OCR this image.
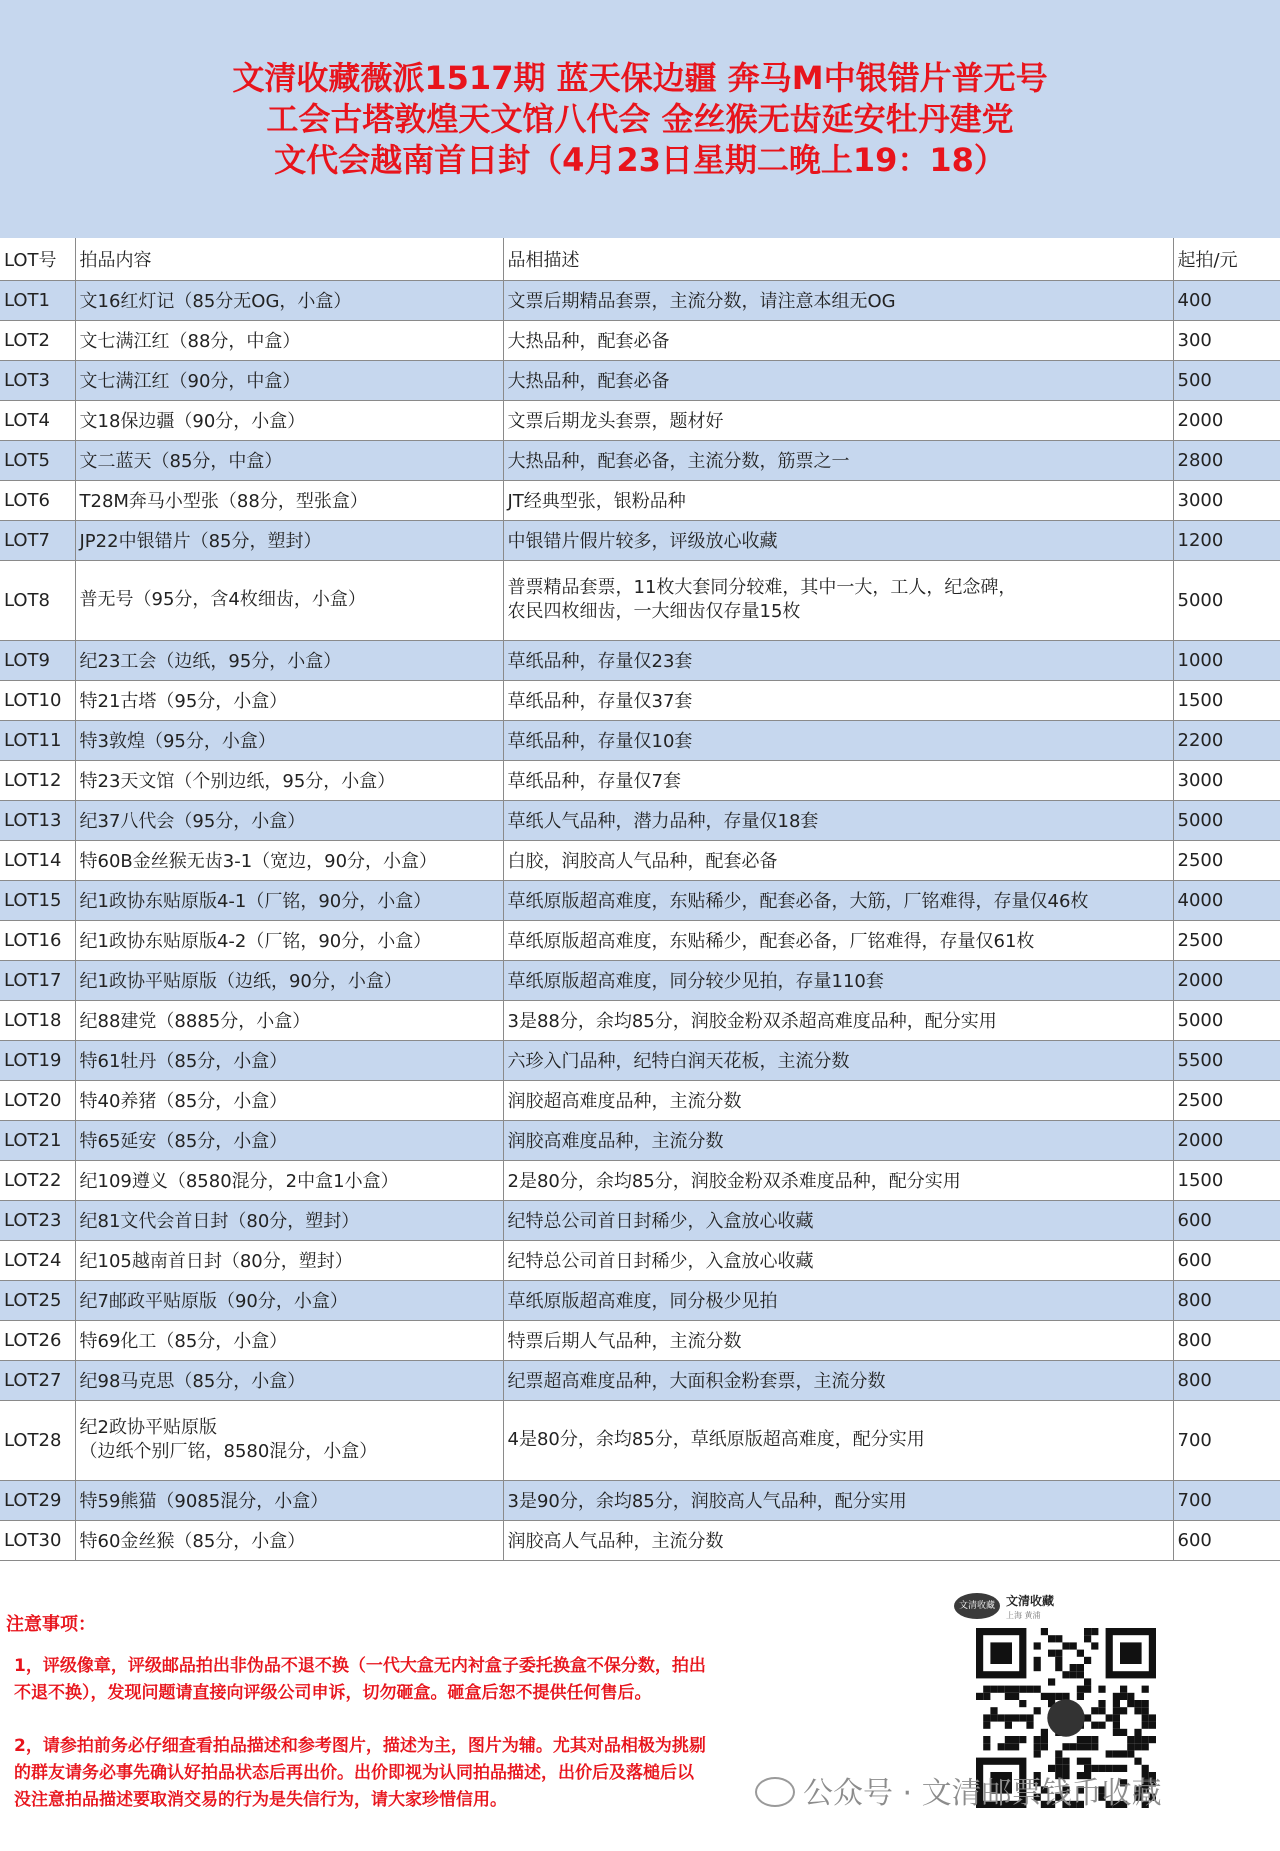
文清收藏薇派1517期 蓝天保边疆 奔马M中银错片普无号
工会古塔敦煌天文馆八代会 金丝猴无齿延安牡丹建党
文代会越南首日封（4月23日星期二晚上19：18）
LOT号	拍品内容	品相描述	起拍/元

LOT1	文16红灯记（85分无OG，小盒）	文票后期精品套票，主流分数，请注意本组无OG	400

LOT2	文七满江红（88分，中盒）	大热品种，配套必备	300

LOT3	文七满江红（90分，中盒）	大热品种，配套必备	500

LOT4	文18保边疆（90分，小盒）	文票后期龙头套票，题材好	2000

LOT5	文二蓝天（85分，中盒）	大热品种，配套必备，主流分数，筋票之一	2800

LOT6	T28M奔马小型张（88分，型张盒）	JT经典型张，银粉品种	3000

LOT7	JP22中银错片（85分，塑封）	中银错片假片较多，评级放心收藏	1200

LOT8	普无号（95分，含4枚细齿，小盒）	普票精品套票，11枚大套同分较难，其中一大，工人，纪念碑，
农民四枚细齿，一大细齿仅存量15枚	5000

LOT9	纪23工会（边纸，95分，小盒）	草纸品种，存量仅23套	1000

LOT10	特21古塔（95分，小盒）	草纸品种，存量仅37套	1500

LOT11	特3敦煌（95分，小盒）	草纸品种，存量仅10套	2200

LOT12	特23天文馆（个别边纸，95分，小盒）	草纸品种，存量仅7套	3000

LOT13	纪37八代会（95分，小盒）	草纸人气品种，潜力品种，存量仅18套	5000

LOT14	特60B金丝猴无齿3-1（宽边，90分，小盒）	白胶，润胶高人气品种，配套必备	2500

LOT15	纪1政协东贴原版4-1（厂铭，90分，小盒）	草纸原版超高难度，东贴稀少，配套必备，大筋，厂铭难得，存量仅46枚	4000

LOT16	纪1政协东贴原版4-2（厂铭，90分，小盒）	草纸原版超高难度，东贴稀少，配套必备，厂铭难得，存量仅61枚	2500

LOT17	纪1政协平贴原版（边纸，90分，小盒）	草纸原版超高难度，同分较少见拍，存量110套	2000

LOT18	纪88建党（8885分，小盒）	3是88分，余均85分，润胶金粉双杀超高难度品种，配分实用	5000

LOT19	特61牡丹（85分，小盒）	六珍入门品种，纪特白润天花板，主流分数	5500

LOT20	特40养猪（85分，小盒）	润胶超高难度品种，主流分数	2500

LOT21	特65延安（85分，小盒）	润胶高难度品种，主流分数	2000

LOT22	纪109遵义（8580混分，2中盒1小盒）	2是80分，余均85分，润胶金粉双杀难度品种，配分实用	1500

LOT23	纪81文代会首日封（80分，塑封）	纪特总公司首日封稀少，入盒放心收藏	600

LOT24	纪105越南首日封（80分，塑封）	纪特总公司首日封稀少，入盒放心收藏	600

LOT25	纪7邮政平贴原版（90分，小盒）	草纸原版超高难度，同分极少见拍	800

LOT26	特69化工（85分，小盒）	特票后期人气品种，主流分数	800

LOT27	纪98马克思（85分，小盒）	纪票超高难度品种，大面积金粉套票，主流分数	800

LOT28	纪2政协平贴原版
（边纸个别厂铭，8580混分，小盒）	4是80分，余均85分，草纸原版超高难度，配分实用	700

LOT29	特59熊猫（9085混分，小盒）	3是90分，余均85分，润胶高人气品种，配分实用	700

LOT30	特60金丝猴（85分，小盒）	润胶高人气品种，主流分数	600
注意事项：
1，评级像章，评级邮品拍出非伪品不退不换（一代大盒无内衬盒子委托换盒不保分数，拍出
不退不换），发现问题请直接向评级公司申诉，切勿砸盒。砸盒后恕不提供任何售后。
2，请参拍前务必仔细查看拍品描述和参考图片，描述为主，图片为辅。尤其对品相极为挑剔
的群友请务必事先确认好拍品状态后再出价。出价即视为认同拍品描述，出价后及落槌后以
没注意拍品描述要取消交易的行为是失信行为，请大家珍惜信用。
文清收藏 文清收藏
上海 黄浦
公众号 · 文清邮票钱币收藏
